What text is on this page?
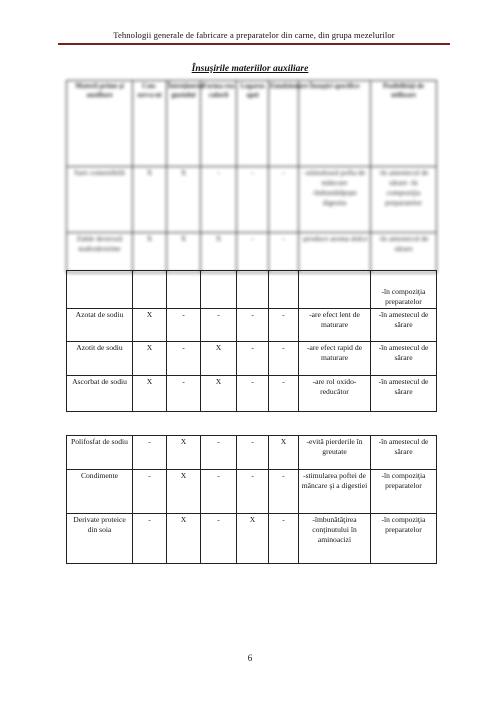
Tehnologii generale de fabricare a preparatelor din carne, din grupa mezelurilor
Însuşirile materiilor auxiliare
Materii prime şi auxiliare	Con-serva-nt	Întreţinerea gustului	Forma-rea culorii	Legarea apei	Emulsionare	Însuşiri specifice	Posibilităţi de utilizare
Sare comestibilă	X	X	-	-	-	-stimulează pofta de mâncare -îmbunătăţeşte digestia	-în amestecul de sărare -în compoziţia preparatelor
Zahăr dextroză maltodextrine	X	X	X	-	-	-produce aroma dulce	-în amestecul de sărare
							-în compoziţia preparatelor
Azotat de sodiu	X	-	-	-	-	-are efect lent de maturare	-în amestecul de sărare
Azotit de sodiu	X	-	X	-	-	-are efect rapid de maturare	-în amestecul de sărare
Ascorbat de sodiu	X	-	X	-	-	-are rol oxido-reducător	-în amestecul de sărare
Polifosfat de sodiu	-	X	-	-	X	-evită pierderile în greutate	-în amestecul de sărare
Condimente	-	X	-	-	-	-stimularea poftei de mâncare şi a digestiei	-în compoziţia preparatelor
Derivate proteice din soia	-	X	-	X	-	-îmbunătăţirea conţinutului în aminoacizi	-în compoziţia preparatelor
6
